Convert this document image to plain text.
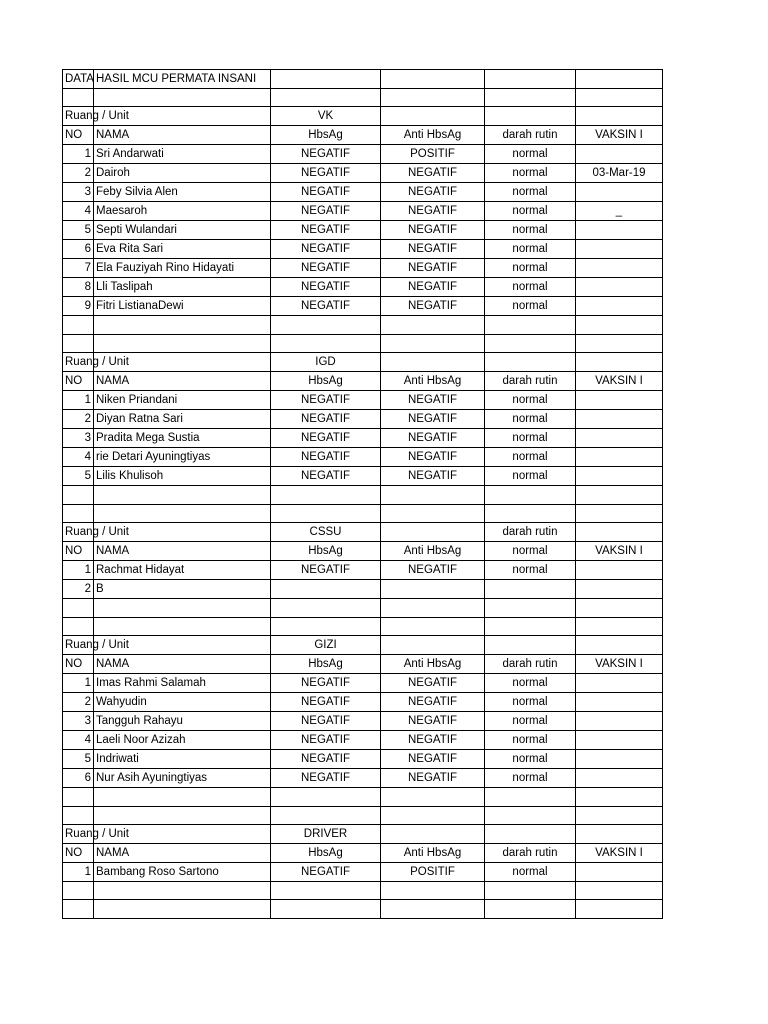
DATA	HASIL MCU PERMATA INSANI				

Ruang / Unit		VK			
NO	NAMA	HbsAg	Anti HbsAg	darah rutin	VAKSIN I
1	Sri Andarwati	NEGATIF	POSITIF	normal	
2	Dairoh	NEGATIF	NEGATIF	normal	03-Mar-19
3	Feby Silvia Alen	NEGATIF	NEGATIF	normal	
4	Maesaroh	NEGATIF	NEGATIF	normal	_
5	Septi Wulandari	NEGATIF	NEGATIF	normal	
6	Eva Rita Sari	NEGATIF	NEGATIF	normal	
7	Ela Fauziyah Rino Hidayati	NEGATIF	NEGATIF	normal	
8	Lli Taslipah	NEGATIF	NEGATIF	normal	
9	Fitri ListianaDewi	NEGATIF	NEGATIF	normal	

Ruang / Unit		IGD			
NO	NAMA	HbsAg	Anti HbsAg	darah rutin	VAKSIN I
1	Niken Priandani	NEGATIF	NEGATIF	normal	
2	Diyan Ratna Sari	NEGATIF	NEGATIF	normal	
3	Pradita Mega Sustia	NEGATIF	NEGATIF	normal	
4	rie Detari Ayuningtiyas	NEGATIF	NEGATIF	normal	
5	Lilis Khulisoh	NEGATIF	NEGATIF	normal	

Ruang / Unit		CSSU		darah rutin	
NO	NAMA	HbsAg	Anti HbsAg	normal	VAKSIN I
1	Rachmat Hidayat	NEGATIF	NEGATIF	normal	
2	B				

Ruang / Unit		GIZI			
NO	NAMA	HbsAg	Anti HbsAg	darah rutin	VAKSIN I
1	Imas Rahmi Salamah	NEGATIF	NEGATIF	normal	
2	Wahyudin	NEGATIF	NEGATIF	normal	
3	Tangguh Rahayu	NEGATIF	NEGATIF	normal	
4	Laeli Noor Azizah	NEGATIF	NEGATIF	normal	
5	Indriwati	NEGATIF	NEGATIF	normal	
6	Nur Asih Ayuningtiyas	NEGATIF	NEGATIF	normal	

Ruang / Unit		DRIVER			
NO	NAMA	HbsAg	Anti HbsAg	darah rutin	VAKSIN I
1	Bambang Roso Sartono	NEGATIF	POSITIF	normal	
